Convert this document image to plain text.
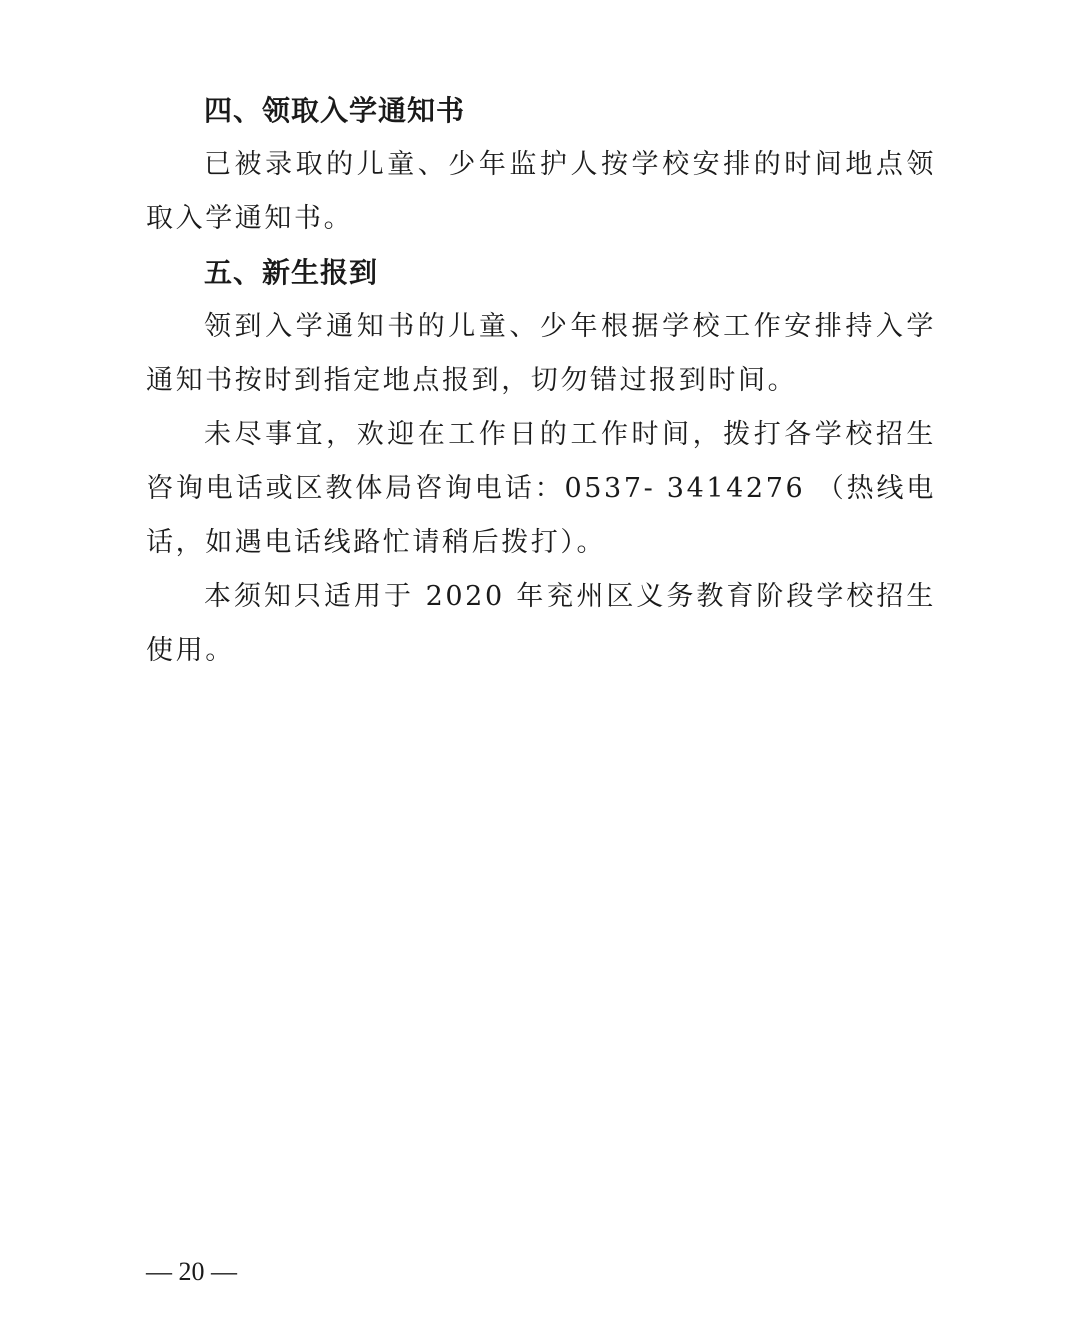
四、领取入学通知书

已被录取的儿童、少年监护人按学校安排的时间地点领取入学通知书。

五、新生报到

领到入学通知书的儿童、少年根据学校工作安排持入学通知书按时到指定地点报到，切勿错过报到时间。

未尽事宜，欢迎在工作日的工作时间，拨打各学校招生咨询电话或区教体局咨询电话：0537- 3414276 （热线电话，如遇电话线路忙请稍后拨打）。

本须知只适用于 2020 年兖州区义务教育阶段学校招生使用。

— 20 —
